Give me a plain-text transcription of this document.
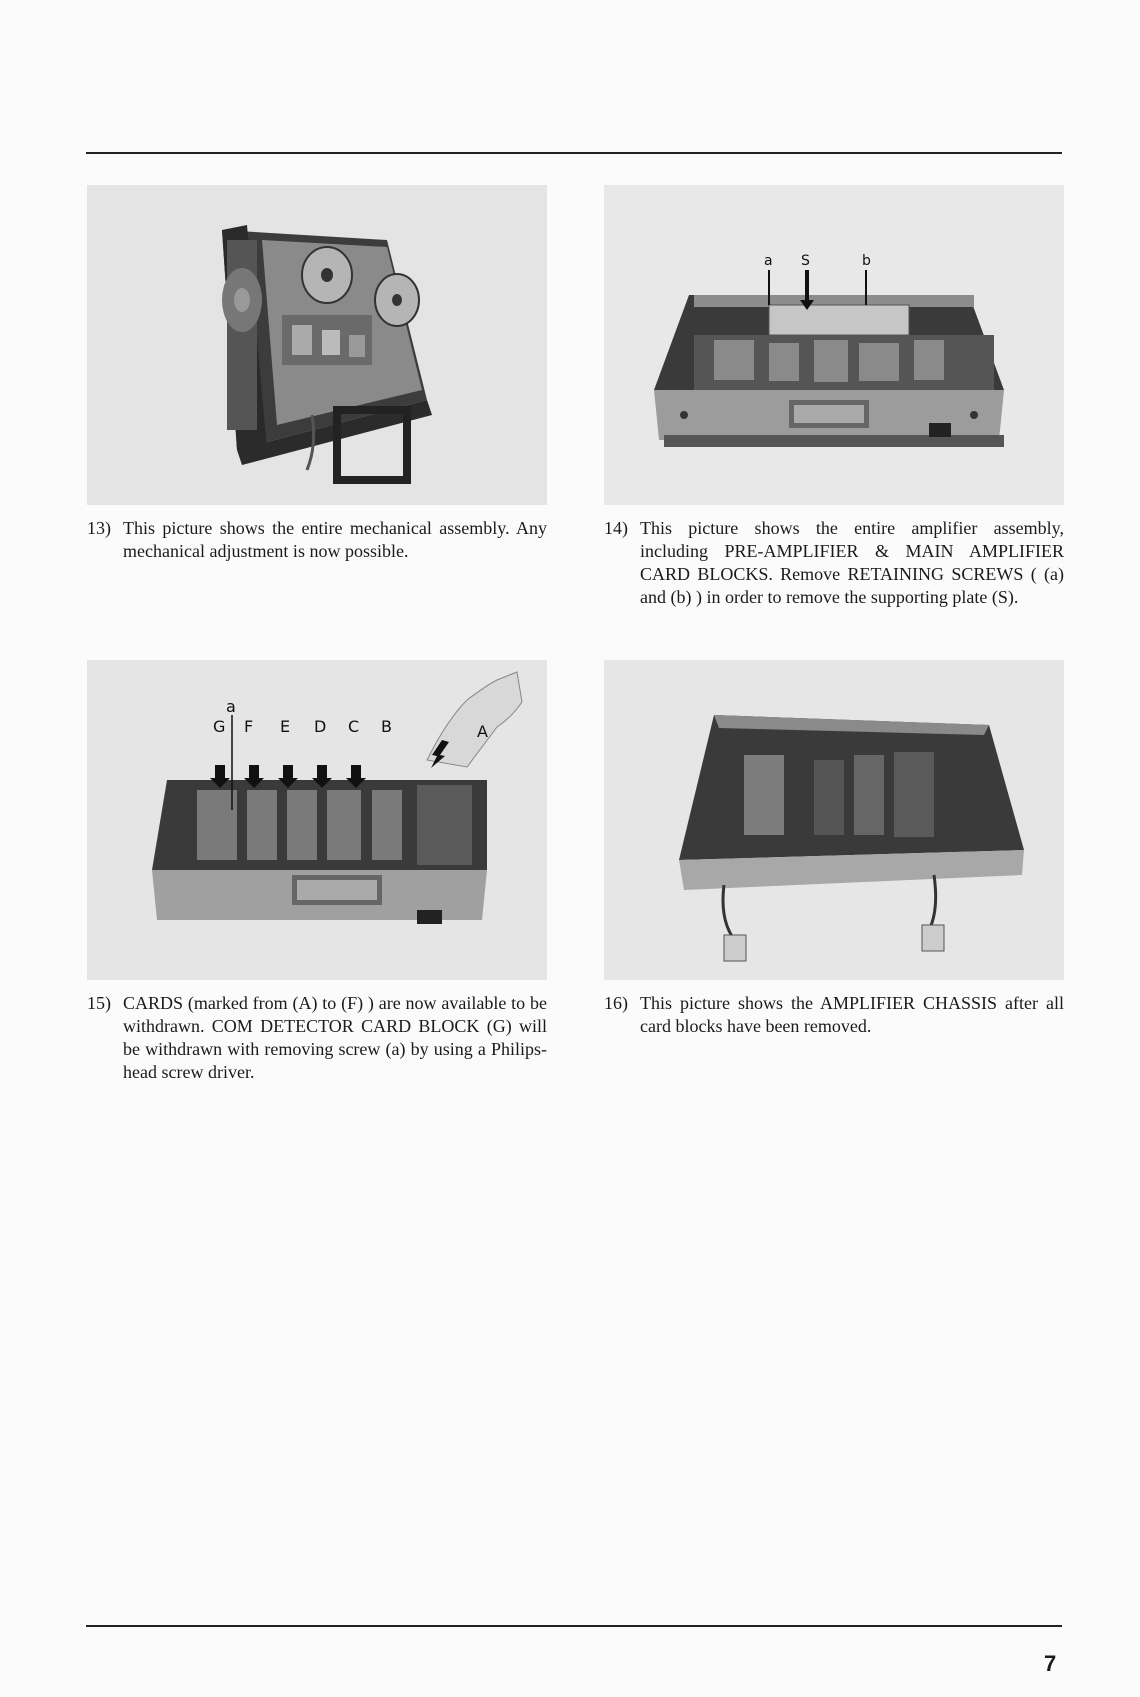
a S	b
13) This picture shows the entire mechanical assembly. Any mechanical adjustment is now possible.
14) This picture shows the entire amplifier assembly, including PRE-AMPLIFIER & MAIN AMPLIFIER CARD BLOCKS. Remove RETAINING SCREWS ( (a) and (b) ) in order to remove the supporting plate (S).
a
G F E D C B	A
15) CARDS (marked from (A) to (F) ) are now available to be withdrawn. COM DETECTOR CARD BLOCK (G) will be withdrawn with removing screw (a) by using a Philips-head screw driver.
16) This picture shows the AMPLIFIER CHASSIS after all card blocks have been removed.
7
